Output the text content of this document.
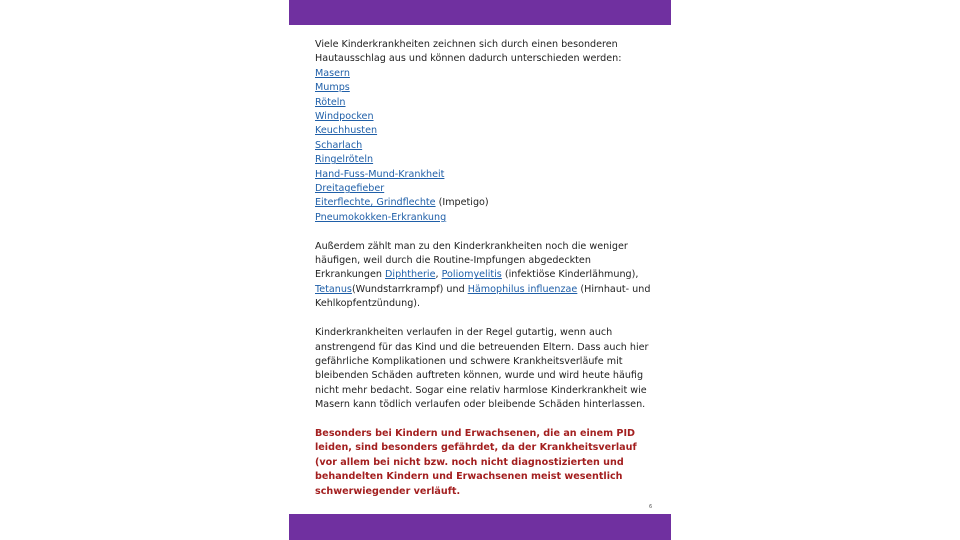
Viele Kinderkrankheiten zeichnen sich durch einen besonderen Hautausschlag aus und können dadurch unterschieden werden:

Masern
Mumps
Röteln
Windpocken
Keuchhusten
Scharlach
Ringelröteln
Hand-Fuss-Mund-Krankheit
Dreitagefieber
Eiterflechte, Grindflechte (Impetigo)
Pneumokokken-Erkrankung

Außerdem zählt man zu den Kinderkrankheiten noch die weniger häufigen, weil durch die Routine-Impfungen abgedeckten Erkrankungen Diphtherie, Poliomyelitis (infektiöse Kinderlähmung), Tetanus(Wundstarrkrampf) und Hämophilus influenzae (Hirnhaut- und Kehlkopfentzündung).

Kinderkrankheiten verlaufen in der Regel gutartig, wenn auch anstrengend für das Kind und die betreuenden Eltern. Dass auch hier gefährliche Komplikationen und schwere Krankheitsverläufe mit bleibenden Schäden auftreten können, wurde und wird heute häufig nicht mehr bedacht. Sogar eine relativ harmlose Kinderkrankheit wie Masern kann tödlich verlaufen oder bleibende Schäden hinterlassen.

Besonders bei Kindern und Erwachsenen, die an einem PID leiden, sind besonders gefährdet, da der Krankheitsverlauf (vor allem bei nicht bzw. noch nicht diagnostizierten und behandelten Kindern und Erwachsenen meist wesentlich schwerwiegender verläuft.

6
